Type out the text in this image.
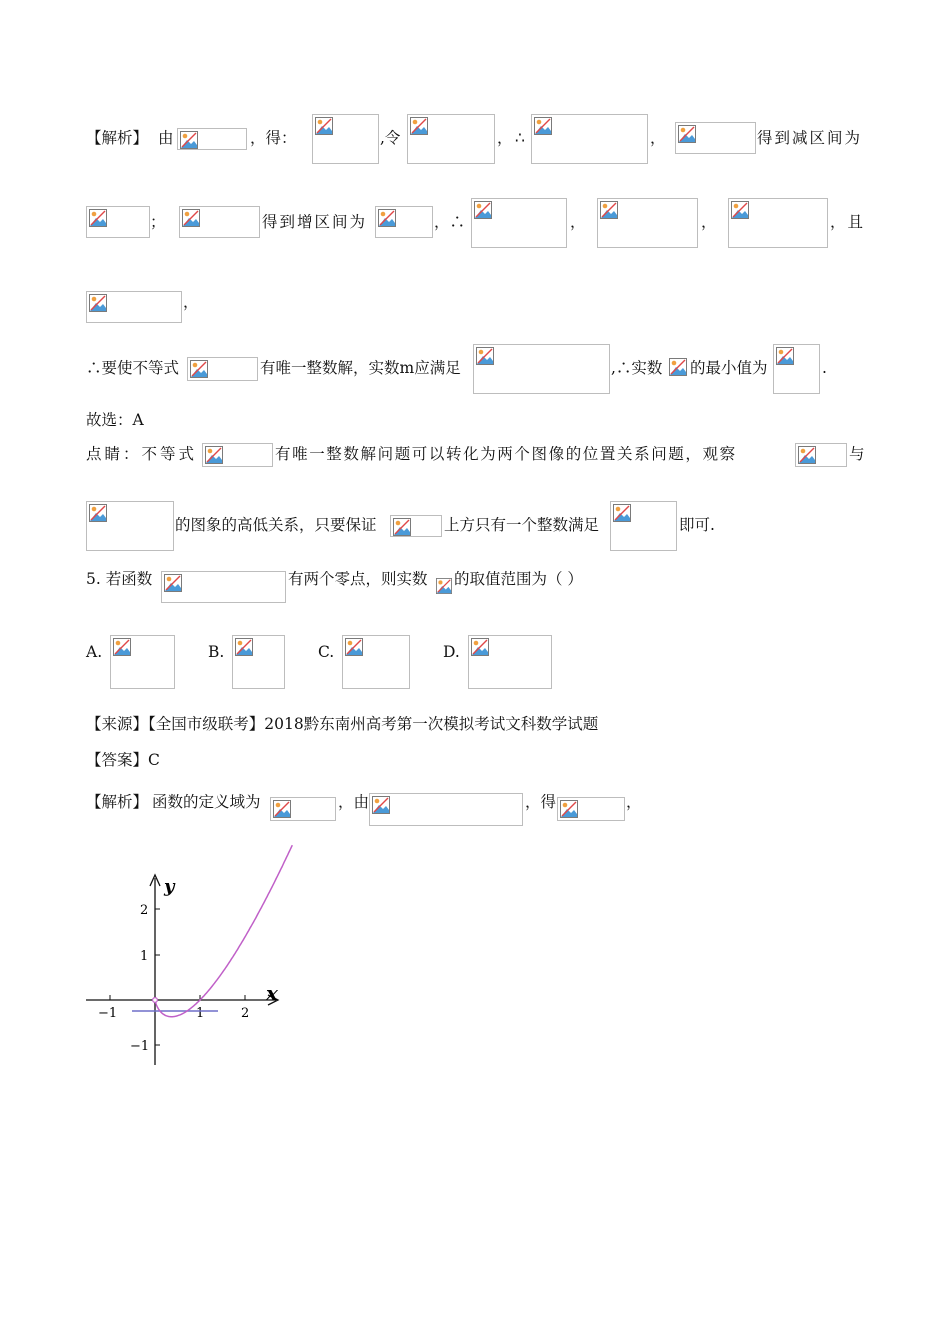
【解析】 由	，得：	,令	， ∴	，	得到减区间为
；	得到增区间为	，∴	，	，	，且
，
∴要使不等式	有唯一整数解，实数m应满足	,∴实数 的最小值为	.
故选：A
点睛：不等式	有唯一整数解问题可以转化为两个图像的位置关系问题，观察	与
的图象的高低关系，只要保证	上方只有一个整数满足	即可.
5. 若函数	有两个零点，则实数 的取值范围为（ ）
A.	B.	C.	D.
【来源】【全国市级联考】2018黔东南州高考第一次模拟考试文科数学试题
【答案】C
【解析】 函数的定义域为	，由	，得	，
y
x
2
1
−1
−1	1	2
